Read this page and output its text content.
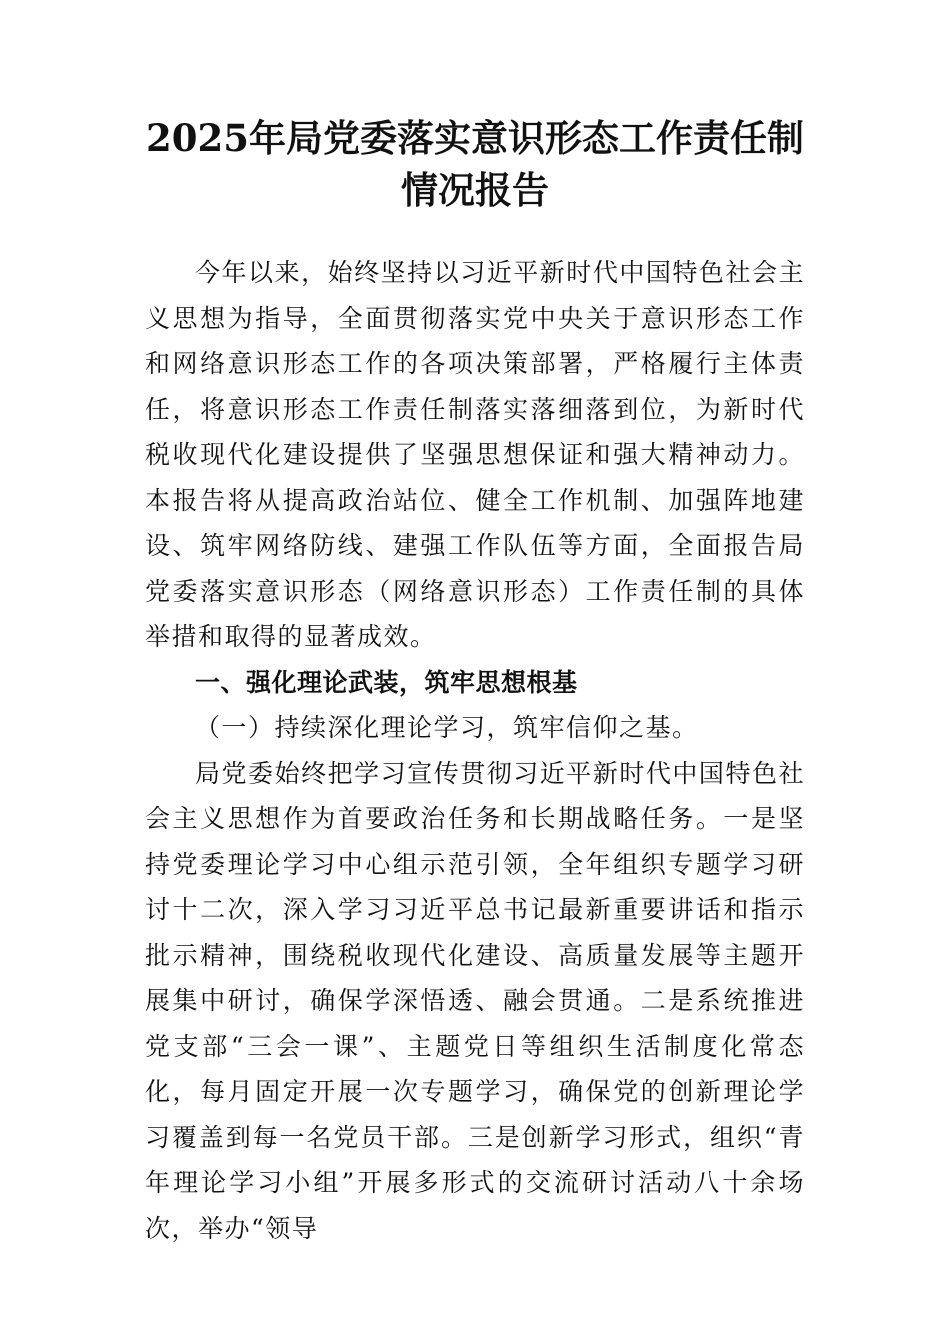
2025年局党委落实意识形态工作责任制情况报告

今年以来，始终坚持以习近平新时代中国特色社会主义思想为指导，全面贯彻落实党中央关于意识形态工作和网络意识形态工作的各项决策部署，严格履行主体责任，将意识形态工作责任制落实落细落到位，为新时代税收现代化建设提供了坚强思想保证和强大精神动力。本报告将从提高政治站位、健全工作机制、加强阵地建设、筑牢网络防线、建强工作队伍等方面，全面报告局党委落实意识形态（网络意识形态）工作责任制的具体举措和取得的显著成效。

一、强化理论武装，筑牢思想根基

（一）持续深化理论学习，筑牢信仰之基。

局党委始终把学习宣传贯彻习近平新时代中国特色社会主义思想作为首要政治任务和长期战略任务。一是坚持党委理论学习中心组示范引领，全年组织专题学习研讨十二次，深入学习习近平总书记最新重要讲话和指示批示精神，围绕税收现代化建设、高质量发展等主题开展集中研讨，确保学深悟透、融会贯通。二是系统推进党支部“三会一课”、主题党日等组织生活制度化常态化，每月固定开展一次专题学习，确保党的创新理论学习覆盖到每一名党员干部。三是创新学习形式，组织“青年理论学习小组”开展多形式的交流研讨活动八十余场次，举办“领导
